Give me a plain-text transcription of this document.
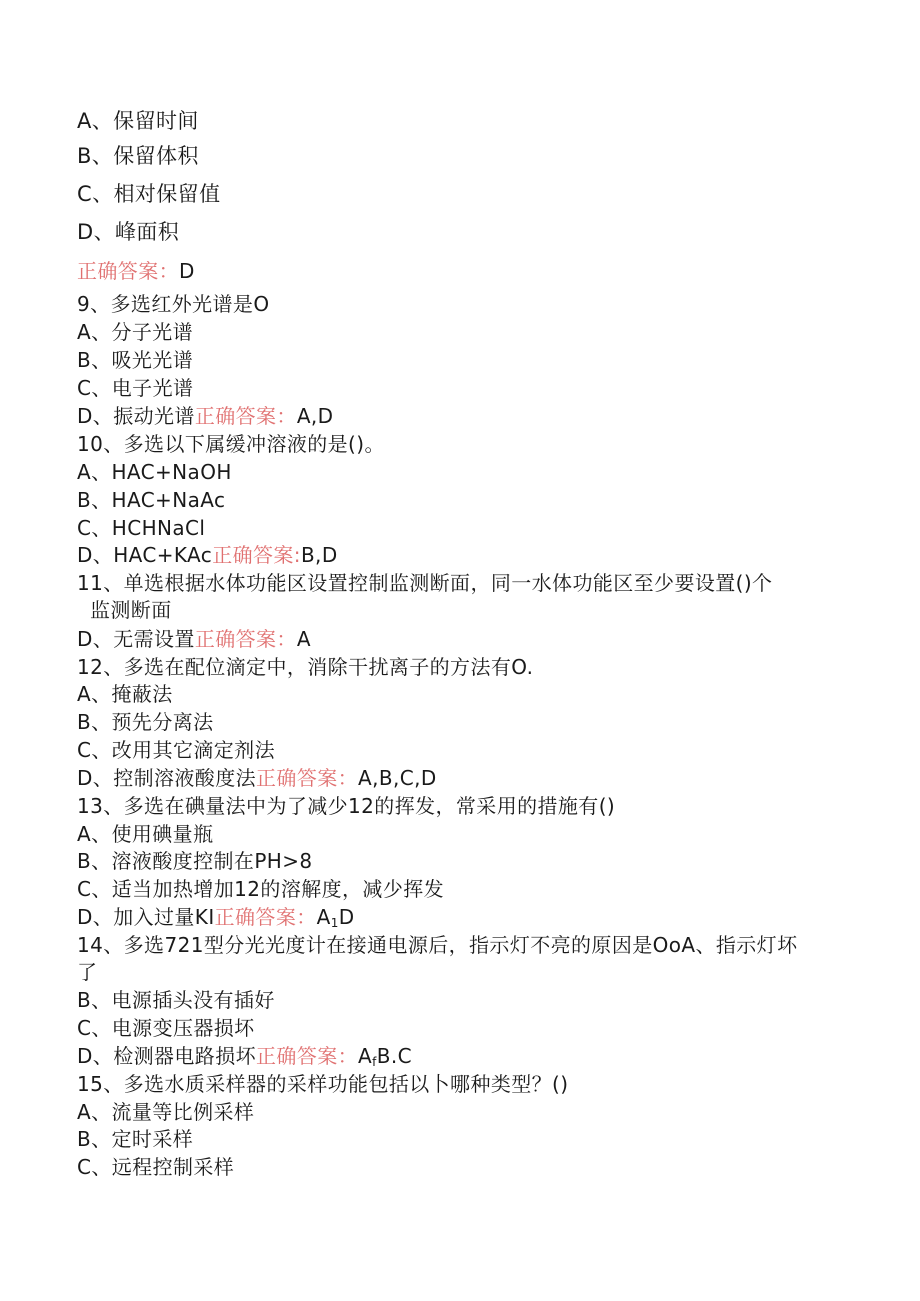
A、保留时间
B、保留体积
C、相对保留值
D、峰面积
正确答案：D
9、多选红外光谱是O
A、分子光谱
B、吸光光谱
C、电子光谱
D、振动光谱正确答案：A,D
10、多选以下属缓冲溶液的是()。
A、HAC+NaOH
B、HAC+NaAc
C、HCHNaCl
D、HAC+KAc正确答案:B,D
11、单选根据水体功能区设置控制监测断面，同一水体功能区至少要设置()个
监测断面
D、无需设置正确答案：A
12、多选在配位滴定中，消除干扰离子的方法有O.
A、掩蔽法
B、预先分离法
C、改用其它滴定剂法
D、控制溶液酸度法正确答案：A,B,C,D
13、多选在碘量法中为了减少12的挥发，常采用的措施有()
A、使用碘量瓶
B、溶液酸度控制在PH>8
C、适当加热增加12的溶解度，减少挥发
D、加入过量KI正确答案：$A_1D$
14、多选721型分光光度计在接通电源后，指示灯不亮的原因是OoA、指示灯坏
了
B、电源插头没有插好
C、电源变压器损坏
D、检测器电路损坏正确答案：$A_fB.C$
15、多选水质采样器的采样功能包括以卜哪种类型？()
A、流量等比例采样
B、定时采样
C、远程控制采样
